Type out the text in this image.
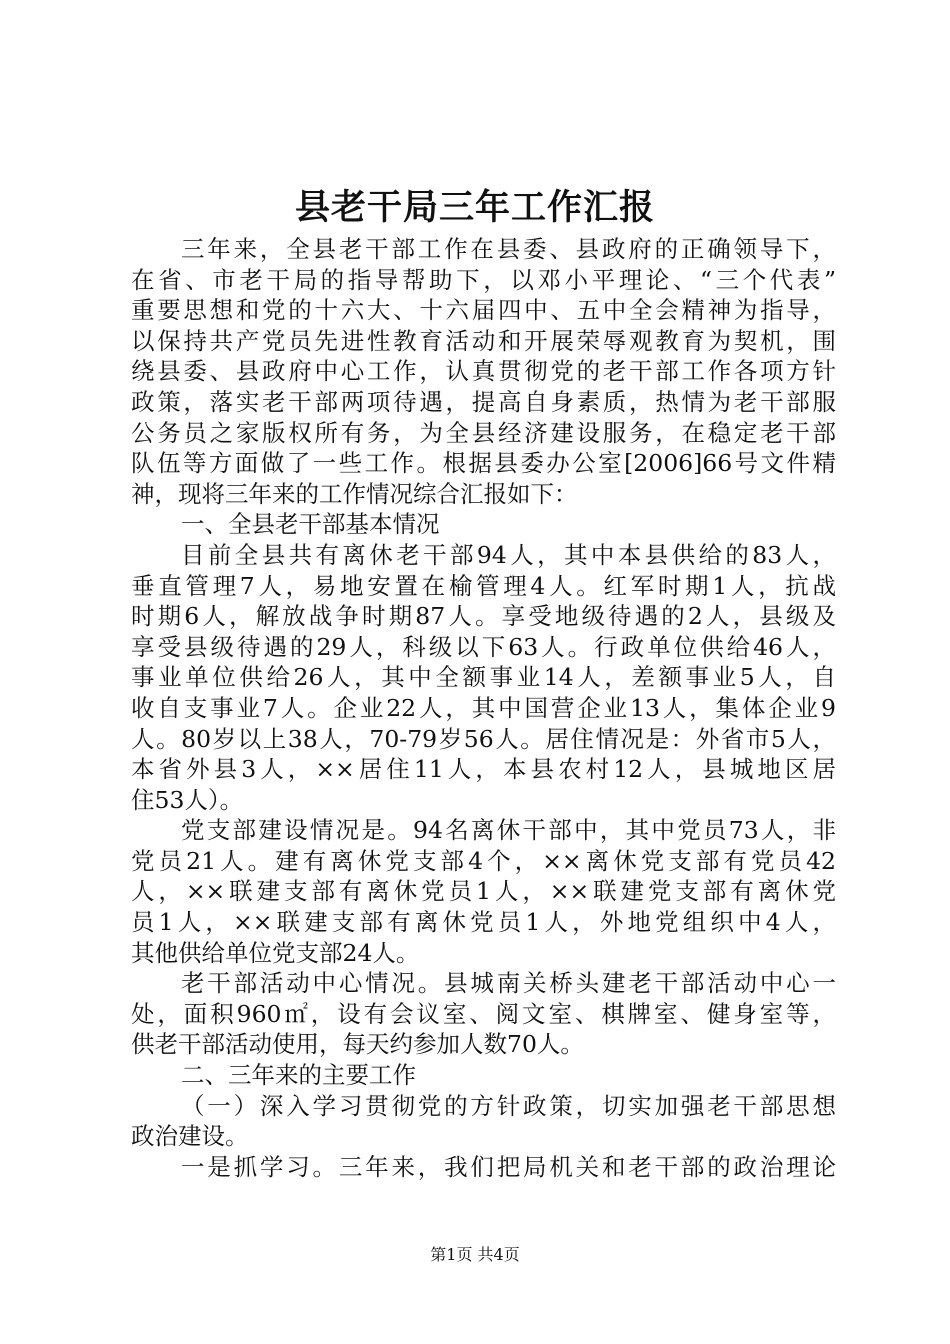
县老干局三年工作汇报
三年来，全县老干部工作在县委、县政府的正确领导下，
在省、市老干局的指导帮助下，以邓小平理论、“三个代表”
重要思想和党的十六大、十六届四中、五中全会精神为指导，
以保持共产党员先进性教育活动和开展荣辱观教育为契机，围
绕县委、县政府中心工作，认真贯彻党的老干部工作各项方针
政策，落实老干部两项待遇，提高自身素质，热情为老干部服
公务员之家版权所有务，为全县经济建设服务，在稳定老干部
队伍等方面做了一些工作。根据县委办公室[2006]66号文件精
神，现将三年来的工作情况综合汇报如下：
一、全县老干部基本情况
目前全县共有离休老干部94人，其中本县供给的83人，
垂直管理7人，易地安置在榆管理4人。红军时期1人，抗战
时期6人，解放战争时期87人。享受地级待遇的2人，县级及
享受县级待遇的29人，科级以下63人。行政单位供给46人，
事业单位供给26人，其中全额事业14人，差额事业5人，自
收自支事业7人。企业22人，其中国营企业13人，集体企业9
人。80岁以上38人，70-79岁56人。居住情况是：外省市5人，
本省外县3人，××居住11人，本县农村12人，县城地区居
住53人）。
党支部建设情况是。94名离休干部中，其中党员73人，非
党员21人。建有离休党支部4个，××离休党支部有党员42
人，××联建支部有离休党员1人，××联建党支部有离休党
员1人，××联建支部有离休党员1人，外地党组织中4人，
其他供给单位党支部24人。
老干部活动中心情况。县城南关桥头建老干部活动中心一
处，面积960㎡，设有会议室、阅文室、棋牌室、健身室等，
供老干部活动使用，每天约参加人数70人。
二、三年来的主要工作
（一）深入学习贯彻党的方针政策，切实加强老干部思想
政治建设。
一是抓学习。三年来，我们把局机关和老干部的政治理论
第1页 共4页
